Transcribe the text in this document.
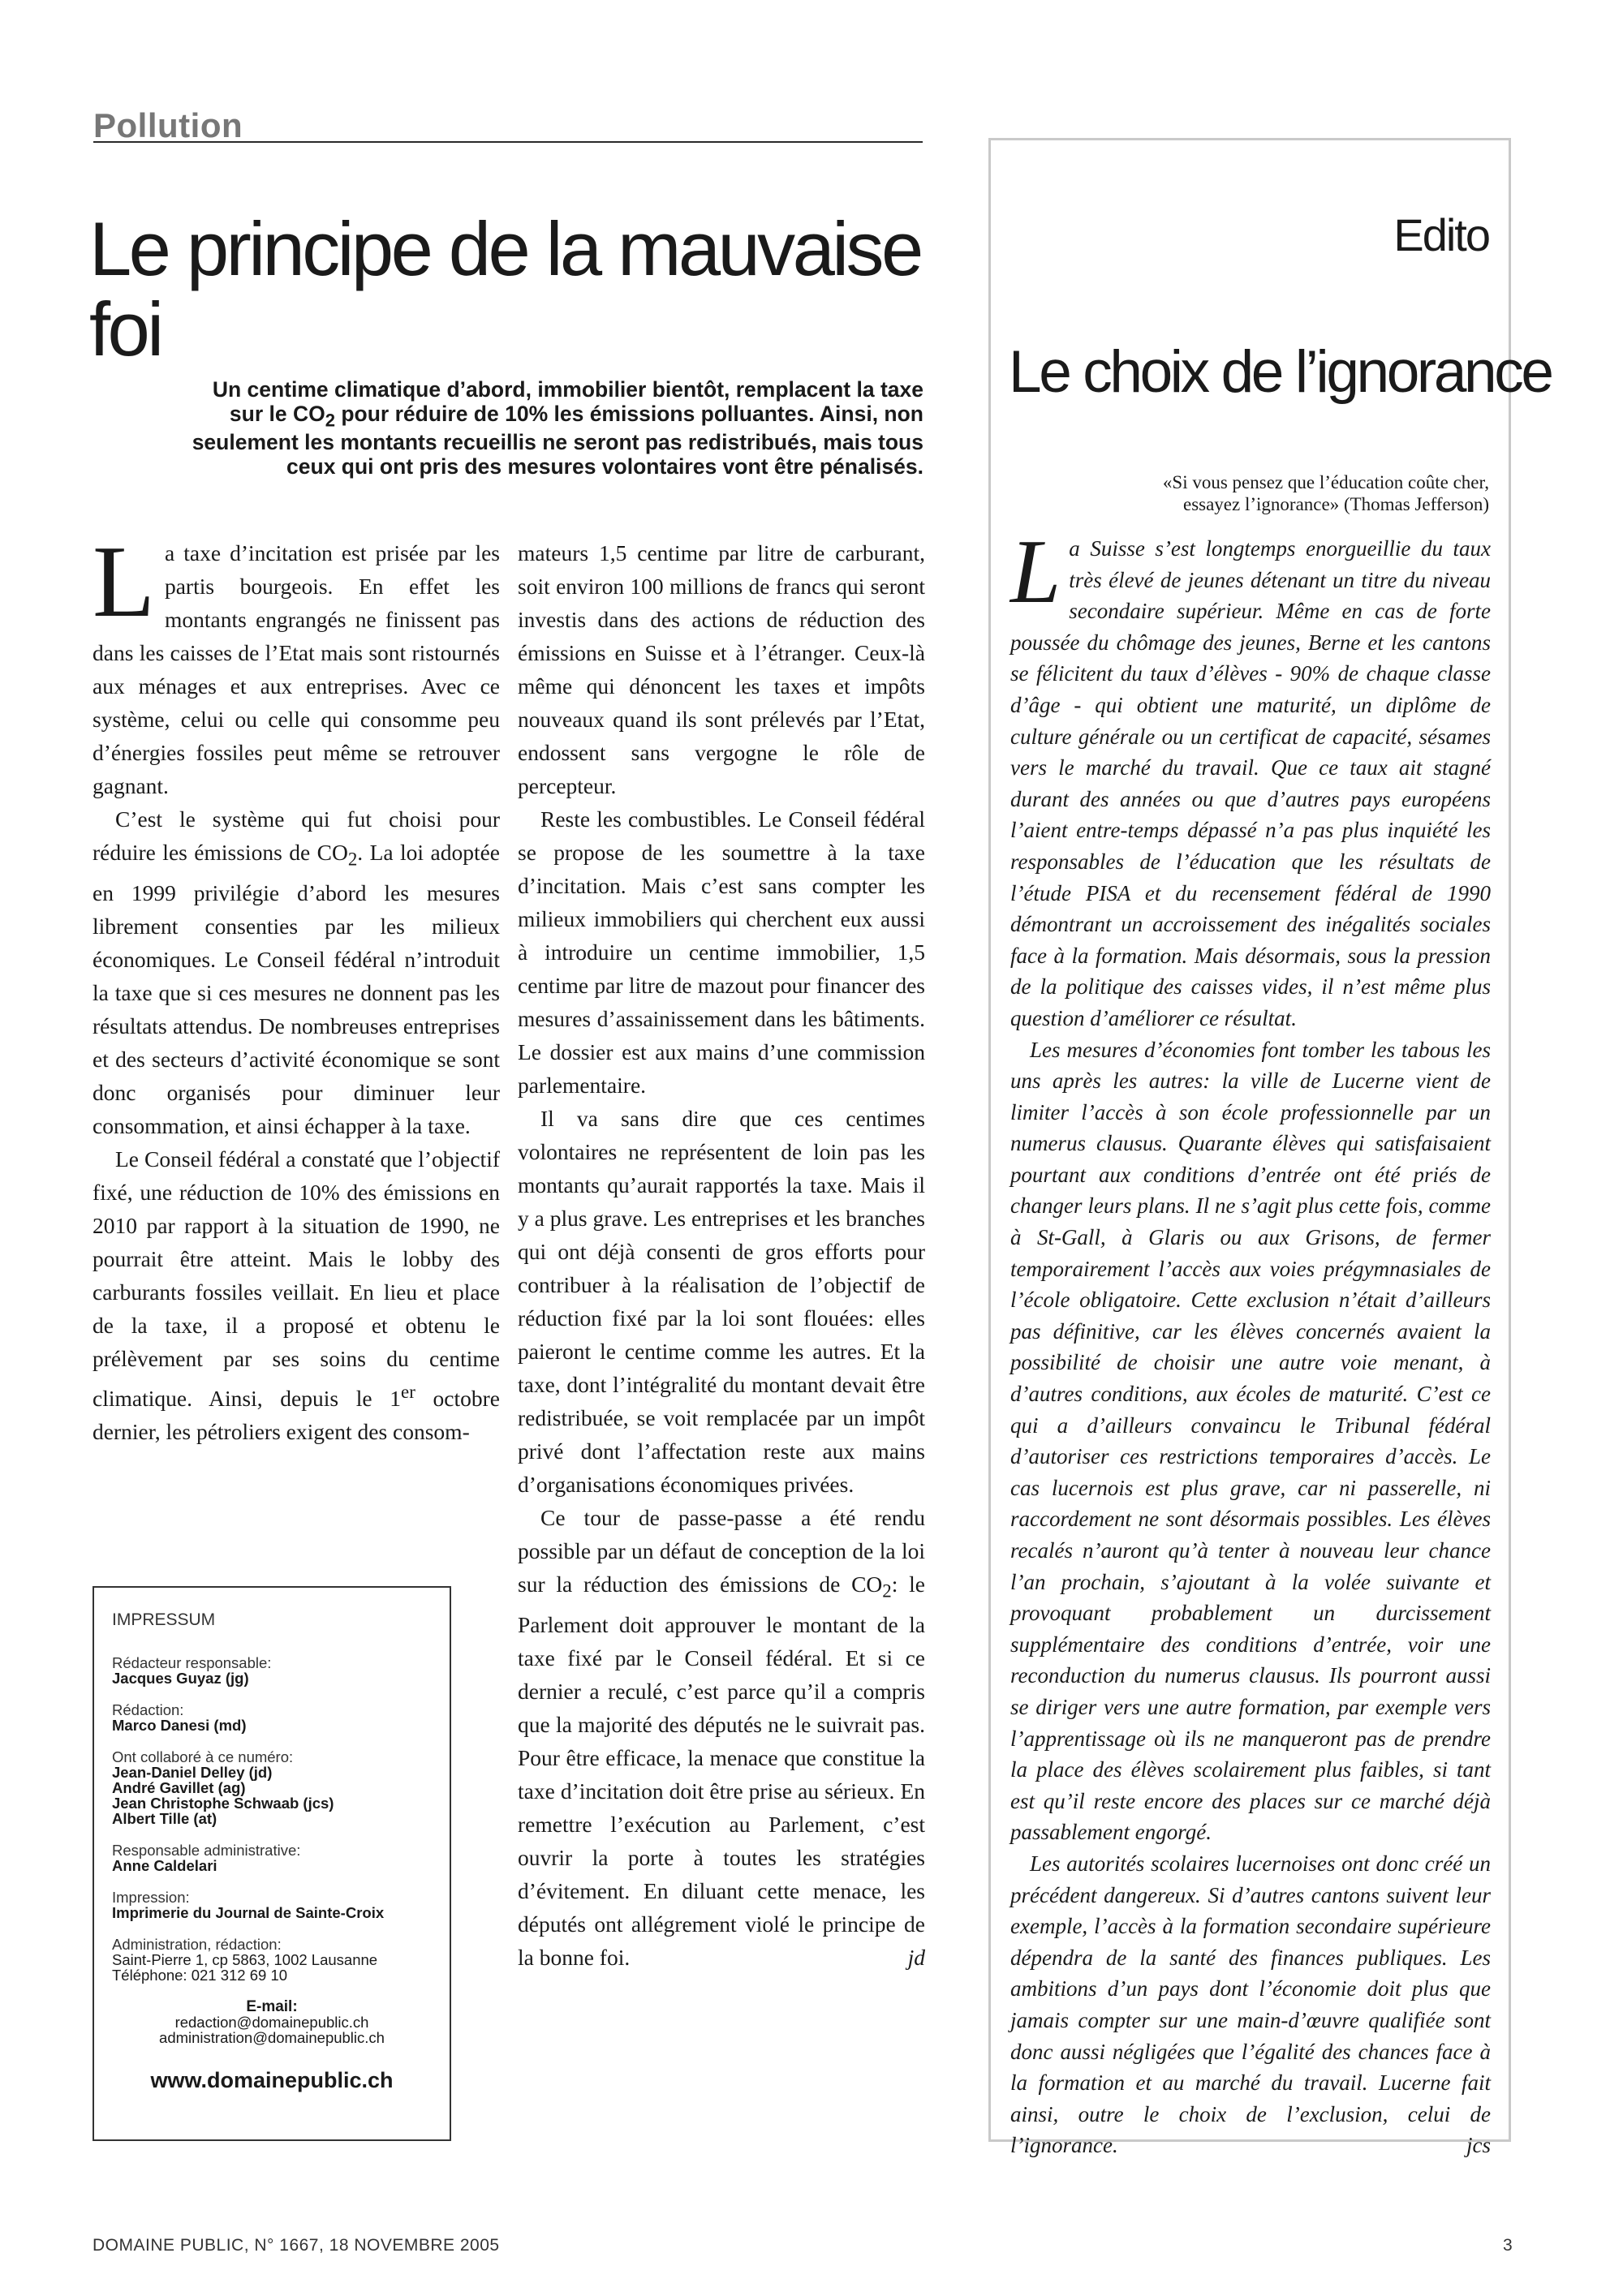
Pollution
Le principe de la mauvaise foi

Un centime climatique d’abord, immobilier bientôt, remplacent la taxe sur le $CO_2$ pour réduire de 10% les émissions polluantes. Ainsi, non seulement les montants recueillis ne seront pas redistribués, mais tous ceux qui ont pris des mesures volontaires vont être pénalisés.

La taxe d’incitation est prisée par les partis bourgeois. En effet les montants engrangés ne finissent pas dans les caisses de l’Etat mais sont ristournés aux ménages et aux entreprises. Avec ce système, celui ou celle qui consomme peu d’énergies fossiles peut même se retrouver gagnant.

C’est le système qui fut choisi pour réduire les émissions de $CO_2$. La loi adoptée en 1999 privilégie d’abord les mesures librement consenties par les milieux économiques. Le Conseil fédéral n’introduit la taxe que si ces mesures ne donnent pas les résultats attendus. De nombreuses entreprises et des secteurs d’activité économique se sont donc organisés pour diminuer leur consommation, et ainsi échapper à la taxe.

Le Conseil fédéral a constaté que l’objectif fixé, une réduction de 10% des émissions en 2010 par rapport à la situation de 1990, ne pourrait être atteint. Mais le lobby des carburants fossiles veillait. En lieu et place de la taxe, il a proposé et obtenu le prélèvement par ses soins du centime climatique. Ainsi, depuis le 1er octobre dernier, les pétroliers exigent des consom-

mateurs 1,5 centime par litre de carburant, soit environ 100 millions de francs qui seront investis dans des actions de réduction des émissions en Suisse et à l’étranger. Ceux-là même qui dénoncent les taxes et impôts nouveaux quand ils sont prélevés par l’Etat, endossent sans vergogne le rôle de percepteur.

Reste les combustibles. Le Conseil fédéral se propose de les soumettre à la taxe d’incitation. Mais c’est sans compter les milieux immobiliers qui cherchent eux aussi à introduire un centime immobilier, 1,5 centime par litre de mazout pour financer des mesures d’assainissement dans les bâtiments. Le dossier est aux mains d’une commission parlementaire.

Il va sans dire que ces centimes volontaires ne représentent de loin pas les montants qu’aurait rapportés la taxe. Mais il y a plus grave. Les entreprises et les branches qui ont déjà consenti de gros efforts pour contribuer à la réalisation de l’objectif de réduction fixé par la loi sont flouées: elles paieront le centime comme les autres. Et la taxe, dont l’intégralité du montant devait être redistribuée, se voit remplacée par un impôt privé dont l’affectation reste aux mains d’organisations économiques privées.

Ce tour de passe-passe a été rendu possible par un défaut de conception de la loi sur la réduction des émissions de $CO_2$: le Parlement doit approuver le montant de la taxe fixé par le Conseil fédéral. Et si ce dernier a reculé, c’est parce qu’il a compris que la majorité des députés ne le suivrait pas. Pour être efficace, la menace que constitue la taxe d’incitation doit être prise au sérieux. En remettre l’exécution au Parlement, c’est ouvrir la porte à toutes les stratégies d’évitement. En diluant cette menace, les députés ont allégrement violé le principe de la bonne foi.	jd
IMPRESSUM
Rédacteur responsable:
Jacques Guyaz (jg)
Rédaction:
Marco Danesi (md)
Ont collaboré à ce numéro:
Jean-Daniel Delley (jd)
André Gavillet (ag)
Jean Christophe Schwaab (jcs)
Albert Tille (at)
Responsable administrative:
Anne Caldelari
Impression:
Imprimerie du Journal de Sainte-Croix
Administration, rédaction:
Saint-Pierre 1, cp 5863, 1002 Lausanne
Téléphone: 021 312 69 10
E-mail:
redaction@domainepublic.ch
administration@domainepublic.ch
www.domainepublic.ch
Edito
Le choix de l’ignorance
«Si vous pensez que l’éducation coûte cher,
essayez l’ignorance» (Thomas Jefferson)

La Suisse s’est longtemps enorgueillie du taux très élevé de jeunes détenant un titre du niveau secondaire supérieur. Même en cas de forte poussée du chômage des jeunes, Berne et les cantons se félicitent du taux d’élèves - 90% de chaque classe d’âge - qui obtient une maturité, un diplôme de culture générale ou un certificat de capacité, sésames vers le marché du travail. Que ce taux ait stagné durant des années ou que d’autres pays européens l’aient entre-temps dépassé n’a pas plus inquiété les responsables de l’éducation que les résultats de l’étude PISA et du recensement fédéral de 1990 démontrant un accroissement des inégalités sociales face à la formation. Mais désormais, sous la pression de la politique des caisses vides, il n’est même plus question d’améliorer ce résultat.

Les mesures d’économies font tomber les tabous les uns après les autres: la ville de Lucerne vient de limiter l’accès à son école professionnelle par un numerus clausus. Quarante élèves qui satisfaisaient pourtant aux conditions d’entrée ont été priés de changer leurs plans. Il ne s’agit plus cette fois, comme à St-Gall, à Glaris ou aux Grisons, de fermer temporairement l’accès aux voies prégymnasiales de l’école obligatoire. Cette exclusion n’était d’ailleurs pas définitive, car les élèves concernés avaient la possibilité de choisir une autre voie menant, à d’autres conditions, aux écoles de maturité. C’est ce qui a d’ailleurs convaincu le Tribunal fédéral d’autoriser ces restrictions temporaires d’accès. Le cas lucernois est plus grave, car ni passerelle, ni raccordement ne sont désormais possibles. Les élèves recalés n’auront qu’à tenter à nouveau leur chance l’an prochain, s’ajoutant à la volée suivante et provoquant probablement un durcissement supplémentaire des conditions d’entrée, voir une reconduction du numerus clausus. Ils pourront aussi se diriger vers une autre formation, par exemple vers l’apprentissage où ils ne manqueront pas de prendre la place des élèves scolairement plus faibles, si tant est qu’il reste encore des places sur ce marché déjà passablement engorgé.

Les autorités scolaires lucernoises ont donc créé un précédent dangereux. Si d’autres cantons suivent leur exemple, l’accès à la formation secondaire supérieure dépendra de la santé des finances publiques. Les ambitions d’un pays dont l’économie doit plus que jamais compter sur une main-d’œuvre qualifiée sont donc aussi négligées que l’égalité des chances face à la formation et au marché du travail. Lucerne fait ainsi, outre le choix de l’exclusion, celui de l’ignorance.	jcs

DOMAINE PUBLIC, N° 1667, 18 NOVEMBRE 2005	3
